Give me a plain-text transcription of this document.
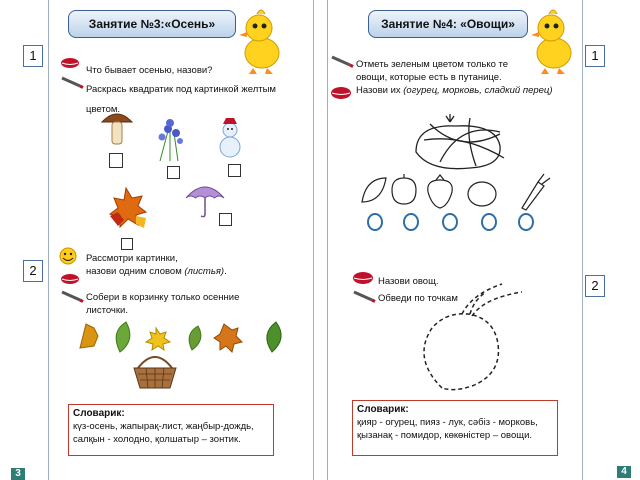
1
2
1
2
Занятие №3:«Осень»
Что бывает осенью, назови?
Раскрась квадратик под картинкой желтым цветом.
Рассмотри картинки,
назови одним словом (листья).
Собери в корзинку только осенние листочки.
Словарик:
күз-осень, жапырақ-лист, жаңбыр-дождь, салқын - холодно, қолшатыр – зонтик.
3
Занятие №4: «Овощи»
Отметь зеленым цветом только те
овощи, которые есть в путанице.
Назови их (огурец, морковь, сладкий перец)
Назови овощ.
Обведи по точкам
Словарик:
қияр - огурец, пияз - лук, сәбіз - морковь, қызанақ - помидор, көкөністер – овощи.
4
